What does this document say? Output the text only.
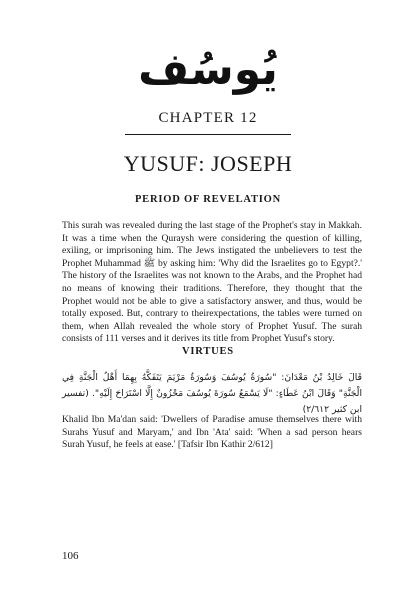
يُوسُف
CHAPTER 12
YUSUF: JOSEPH
PERIOD OF REVELATION
This surah was revealed during the last stage of the Prophet's stay in Makkah. It was a time when the Quraysh were considering the question of killing, exiling, or imprisoning him. The Jews instigated the unbelievers to test the Prophet Muhammad ﷺ by asking him: 'Why did the Israelites go to Egypt?.' The history of the Israelites was not known to the Arabs, and the Prophet had no means of knowing their traditions. Therefore, they thought that the Prophet would not be able to give a satisfactory answer, and thus, would be totally exposed. But, contrary to theirexpectations, the tables were turned on them, when Allah revealed the whole story of Prophet Yusuf. The surah consists of 111 verses and it derives its title from Prophet Yusuf's story.
VIRTUES
قَالَ خَالِدُ بْنُ مَعْدَانَ: "سُورَةُ يُوسُفَ وَسُورَةُ مَرْيَمَ يَتَفَكَّهُ بِهِمَا أَهْلُ الْجَنَّةِ فِي الْجَنَّةِ" وَقَالَ ابْنُ عَطَاءٍ: "لَا يَسْمَعُ سُورَةَ يُوسُفَ مَحْزُونٌ إِلَّا اسْتَرَاحَ إِلَيْهِ". (تفسير ابن كثير ٢/٦١٢)
Khalid Ibn Ma'dan said: 'Dwellers of Paradise amuse themselves there with Surahs Yusuf and Maryam,' and Ibn 'Ata' said: 'When a sad person hears Surah Yusuf, he feels at ease.' [Tafsir Ibn Kathir 2/612]
106
